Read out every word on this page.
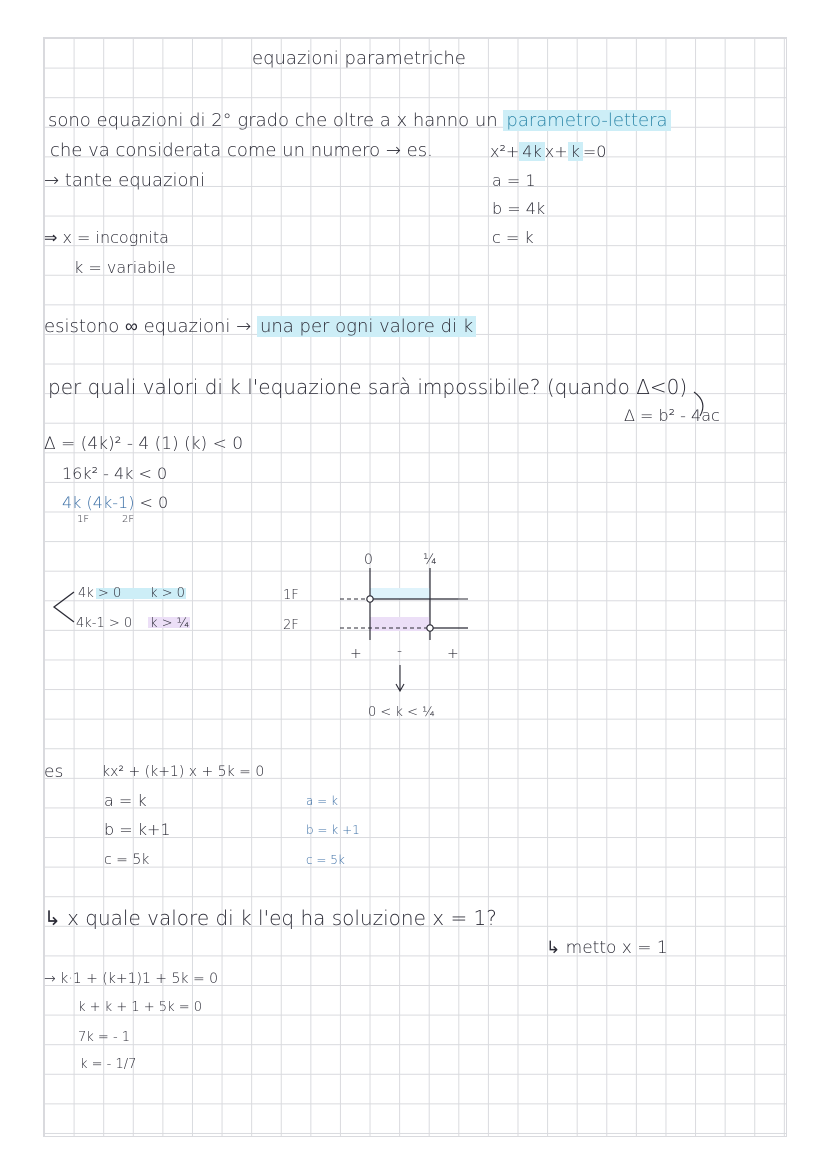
equazioni parametriche
sono equazioni di 2° grado che oltre a x hanno un parametro-lettera
che va considerata come un numero → es.	x²+ 4k x+ k =0
→ tante equazioni	a = 1
b = 4k
c = k
⇒ x = incognita
k = variabile
esistono ∞ equazioni → una per ogni valore di k
per quali valori di k l'equazione sarà impossibile? (quando Δ<0)
Δ = b² - 4ac
Δ = (4k)² - 4 (1) (k) < 0
16k² - 4k < 0
4k (4k-1) < 0
1F	2F
4k > 0 k > 0	1F
4k-1 > 0 k > ¼	2F
0	¼
+	-	+
0 < k < ¼
es	kx² + (k+1) x + 5k = 0
a = k
b = k+1
c = 5k
a = k
b = k +1
c = 5k
↳ x quale valore di k l'eq ha soluzione x = 1?
↳ metto x = 1
→ k·1 + (k+1)1 + 5k = 0
k + k + 1 + 5k = 0
7k = - 1
k = - 1/7
